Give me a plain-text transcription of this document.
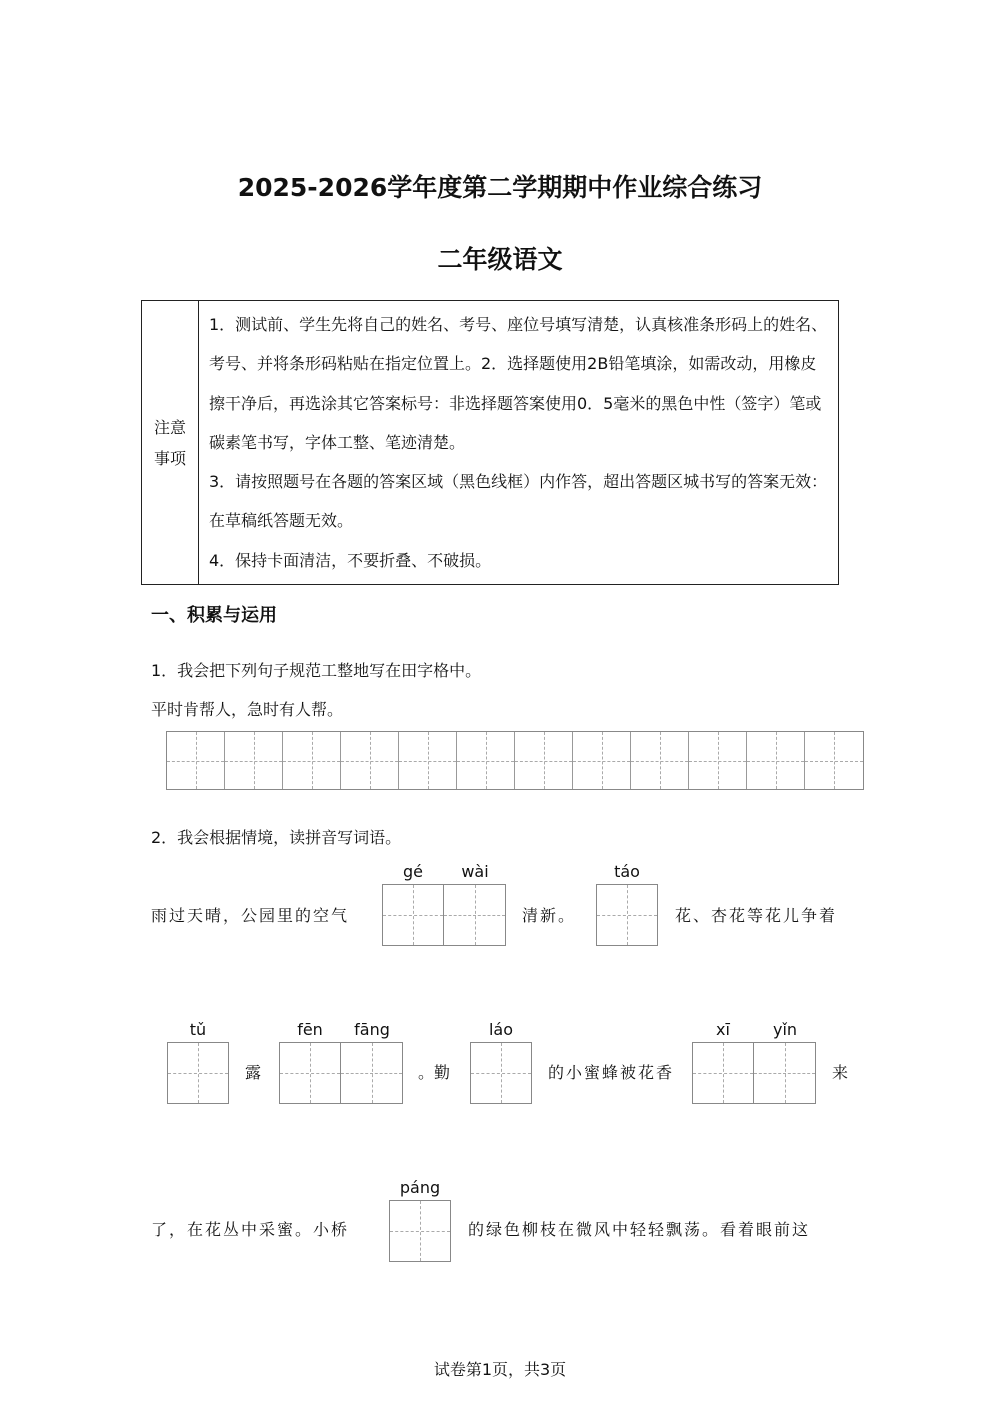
2025-2026学年度第二学期期中作业综合练习
二年级语文
注意
事项

1．测试前、学生先将自己的姓名、考号、座位号填写清楚，认真核准条形码上的姓名、考号、并将条形码粘贴在指定位置上。2．选择题使用2B铅笔填涂，如需改动，用橡皮擦干净后，再选涂其它答案标号：非选择题答案使用0．5毫米的黑色中性（签字）笔或碳素笔书写，字体工整、笔迹清楚。

3．请按照题号在各题的答案区域（黑色线框）内作答，超出答题区城书写的答案无效：在草稿纸答题无效。

4．保持卡面清洁，不要折叠、不破损。

一、积累与运用
1．我会把下列句子规范工整地写在田字格中。
平时肯帮人，急时有人帮。
2．我会根据情境，读拼音写词语。
雨过天晴，公园里的空气
gé	wài
清新。
táo
花、杏花等花儿争着
tǔ
露
fēn	fāng
。勤
láo
的小蜜蜂被花香
xī	yǐn
来
了，在花丛中采蜜。小桥
páng
的绿色柳枝在微风中轻轻飘荡。看着眼前这
试卷第1页，共3页
